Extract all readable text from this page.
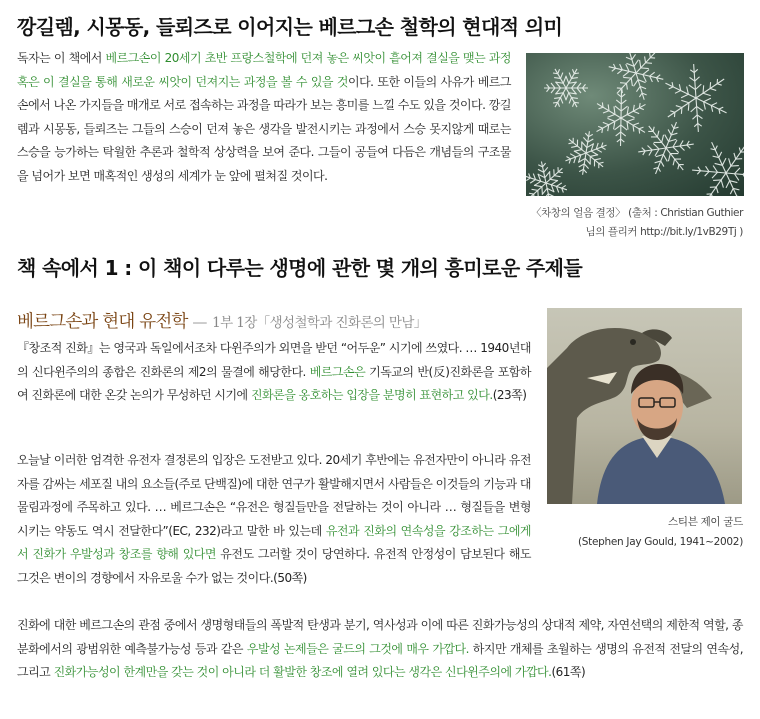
깡길렘, 시몽동, 들뢰즈로 이어지는 베르그손 철학의 현대적 의미
독자는 이 책에서 베르그손이 20세기 초반 프랑스철학에 던져 놓은 씨앗이 흩어져 결실을 맺는 과정 혹은 이 결실을 통해 새로운 씨앗이 던져지는 과정을 볼 수 있을 것이다. 또한 이들의 사유가 베르그손에서 나온 가지들을 매개로 서로 접속하는 과정을 따라가 보는 흥미를 느낄 수도 있을 것이다. 깡길렘과 시몽동, 들뢰즈는 그들의 스승이 던져 놓은 생각을 발전시키는 과정에서 스승 못지않게 때로는 스승을 능가하는 탁월한 추론과 철학적 상상력을 보여 준다. 그들이 공들여 다듬은 개념들의 구조물을 넘어가 보면 매혹적인 생성의 세계가 눈 앞에 펼쳐질 것이다.
〈차창의 얼음 결정〉 (출처 : Christian Guthier
님의 플리커 http://bit.ly/1vB29Tj )
책 속에서 1 : 이 책이 다루는 생명에 관한 몇 개의 흥미로운 주제들
베르그손과 현대 유전학 — 1부 1장「생성철학과 진화론의 만남」
『창조적 진화』는 영국과 독일에서조차 다윈주의가 외면을 받던 “어두운” 시기에 쓰였다. … 1940년대의 신다윈주의의 종합은 진화론의 제2의 물결에 해당한다. 베르그손은 기독교의 반(反)진화론을 포함하여 진화론에 대한 온갖 논의가 무성하던 시기에 진화론을 옹호하는 입장을 분명히 표현하고 있다.(23쪽)
오늘날 이러한 엄격한 유전자 결정론의 입장은 도전받고 있다. 20세기 후반에는 유전자만이 아니라 유전자를 감싸는 세포질 내의 요소들(주로 단백질)에 대한 연구가 활발해지면서 사람들은 이것들의 기능과 대물림과정에 주목하고 있다. … 베르그손은 “유전은 형질들만을 전달하는 것이 아니라 … 형질들을 변형시키는 약동도 역시 전달한다”(EC, 232)라고 말한 바 있는데 유전과 진화의 연속성을 강조하는 그에게서 진화가 우발성과 창조를 향해 있다면 유전도 그러할 것이 당연하다. 유전적 안정성이 담보된다 해도 그것은 변이의 경향에서 자유로울 수가 없는 것이다.(50쪽)
스티븐 제이 굴드
(Stephen Jay Gould, 1941~2002)
진화에 대한 베르그손의 관점 중에서 생명형태들의 폭발적 탄생과 분기, 역사성과 이에 따른 진화가능성의 상대적 제약, 자연선택의 제한적 역할, 종분화에서의 광범위한 예측불가능성 등과 같은 우발성 논제들은 굴드의 그것에 매우 가깝다. 하지만 개체를 초월하는 생명의 유전적 전달의 연속성, 그리고 진화가능성이 한계만을 갖는 것이 아니라 더 활발한 창조에 열려 있다는 생각은 신다윈주의에 가깝다.(61쪽)
